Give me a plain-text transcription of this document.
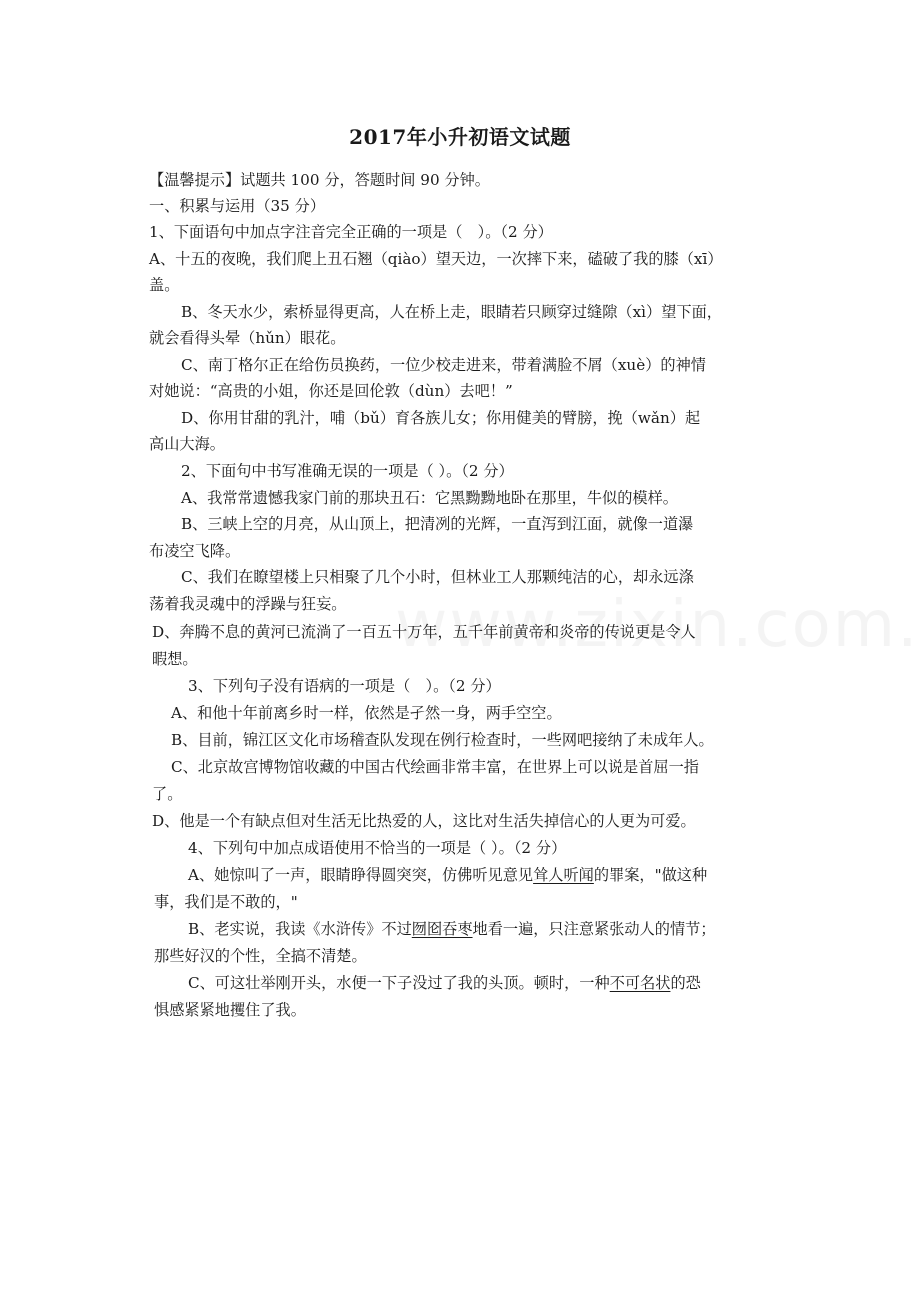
2017年小升初语文试题
【温馨提示】试题共 100 分，答题时间 90 分钟。
一、积累与运用（35 分）
1、下面语句中加点字注音完全正确的一项是（　）。（2 分）
A、十五的夜晚，我们爬上丑石翘（qiào）望天边，一次摔下来，磕破了我的膝（xī）
盖。
B、冬天水少，索桥显得更高，人在桥上走，眼睛若只顾穿过缝隙（xì）望下面，
就会看得头晕（hǔn）眼花。
C、南丁格尔正在给伤员换药，一位少校走进来，带着满脸不屑（xuè）的神情
对她说：“高贵的小姐，你还是回伦敦（dùn）去吧！”
D、你用甘甜的乳汁，哺（bǔ）育各族儿女；你用健美的臂膀，挽（wǎn）起
高山大海。
2、下面句中书写准确无误的一项是（ ）。（2 分）
A、我常常遗憾我家门前的那块丑石：它黑黝黝地卧在那里，牛似的模样。
B、三峡上空的月亮，从山顶上，把清冽的光辉，一直泻到江面，就像一道瀑
布凌空飞降。
C、我们在瞭望楼上只相聚了几个小时，但林业工人那颗纯洁的心，却永远涤
荡着我灵魂中的浮躁与狂妄。
D、奔腾不息的黄河已流淌了一百五十万年，五千年前黄帝和炎帝的传说更是令人
暇想。
3、下列句子没有语病的一项是（　）。（2 分）
A、和他十年前离乡时一样，依然是孑然一身，两手空空。
B、目前，锦江区文化市场稽查队发现在例行检查时，一些网吧接纳了未成年人。
C、北京故宫博物馆收藏的中国古代绘画非常丰富，在世界上可以说是首屈一指
了。
D、他是一个有缺点但对生活无比热爱的人，这比对生活失掉信心的人更为可爱。
4、下列句中加点成语使用不恰当的一项是（ ）。（2 分）
A、她惊叫了一声，眼睛睁得圆突突，仿佛听见意见耸人听闻的罪案，"做这种
事，我们是不敢的，"
B、老实说，我读《水浒传》不过囫囵吞枣地看一遍，只注意紧张动人的情节；
那些好汉的个性，全搞不清楚。
C、可这壮举刚开头，水便一下子没过了我的头顶。顿时，一种不可名状的恐
惧感紧紧地攫住了我。
